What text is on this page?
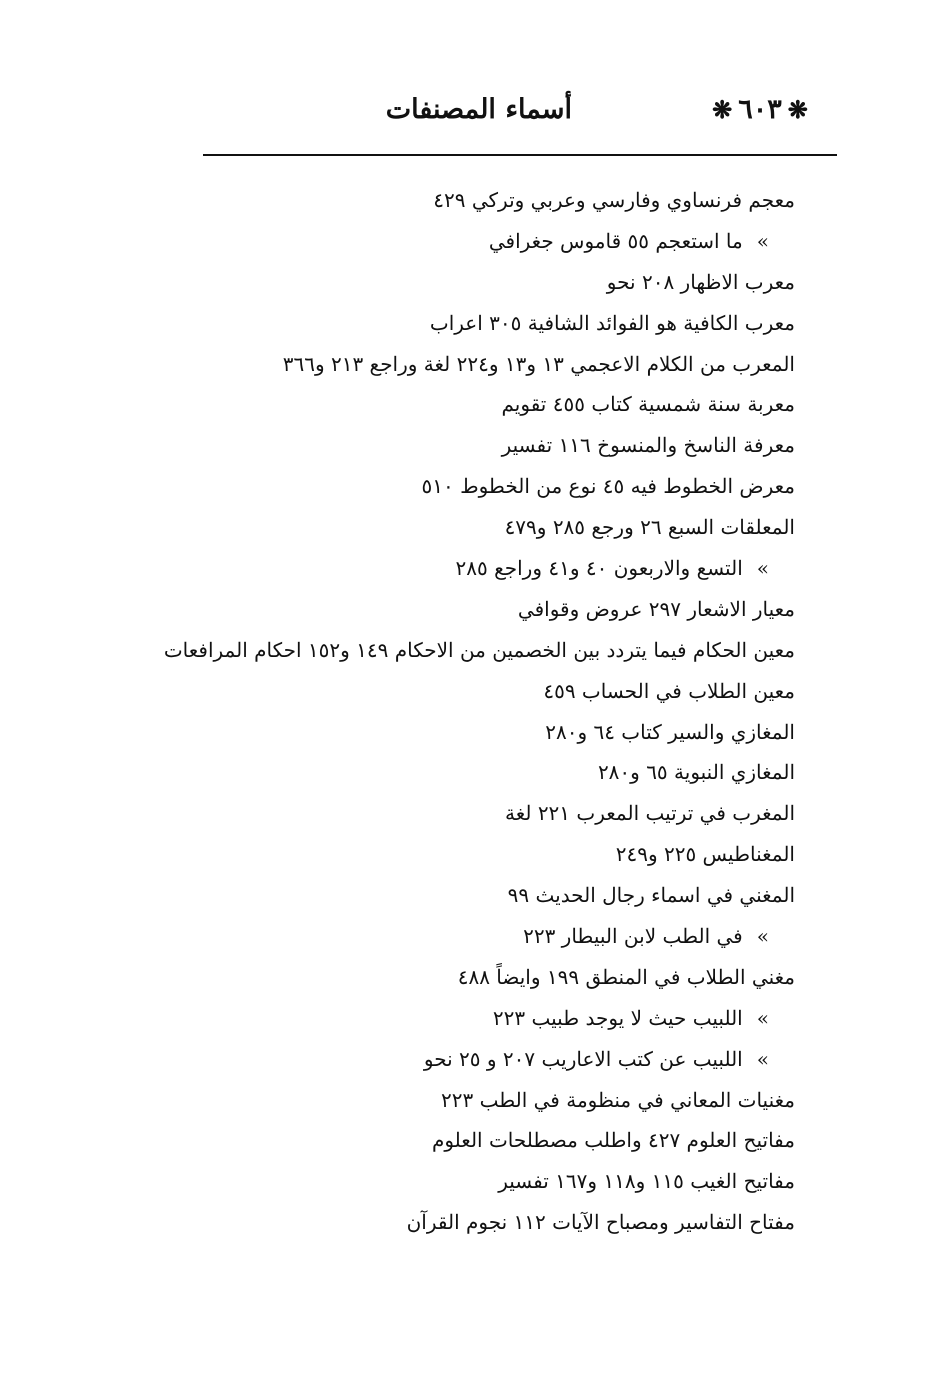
❋٦٠٣❋
أسماء المصنفات
معجم فرنساوي وفارسي وعربي وتركي ٤٢٩
»ما استعجم ٥٥ قاموس جغرافي
معرب الاظهار ٢٠٨ نحو
معرب الكافية هو الفوائد الشافية ٣٠٥ اعراب
المعرب من الكلام الاعجمي ١٣ و١٣ و٢٢٤ لغة وراجع ٢١٣ و٣٦٦
معربة سنة شمسية كتاب ٤٥٥ تقويم
معرفة الناسخ والمنسوخ ١١٦ تفسير
معرض الخطوط فيه ٤٥ نوع من الخطوط ٥١٠
المعلقات السبع ٢٦ ورجع ٢٨٥ و٤٧٩
»التسع والاربعون ٤٠ و٤١ وراجع ٢٨٥
معيار الاشعار ٢٩٧ عروض وقوافي
معين الحكام فيما يتردد بين الخصمين من الاحكام ١٤٩ و١٥٢ احكام المرافعات
معين الطلاب في الحساب ٤٥٩
المغازي والسير كتاب ٦٤ و٢٨٠
المغازي النبوية ٦٥ و٢٨٠
المغرب في ترتيب المعرب ٢٢١ لغة
المغناطيس ٢٢٥ و٢٤٩
المغني في اسماء رجال الحديث ٩٩
»في الطب لابن البيطار ٢٢٣
مغني الطلاب في المنطق ١٩٩ وايضاً ٤٨٨
»اللبيب حيث لا يوجد طبيب ٢٢٣
»اللبيب عن كتب الاعاريب ٢٠٧ و ٢٥ نحو
مغنيات المعاني في منظومة في الطب ٢٢٣
مفاتيح العلوم ٤٢٧ واطلب مصطلحات العلوم
مفاتيح الغيب ١١٥ و١١٨ و١٦٧ تفسير
مفتاح التفاسير ومصباح الآيات ١١٢ نجوم القرآن
